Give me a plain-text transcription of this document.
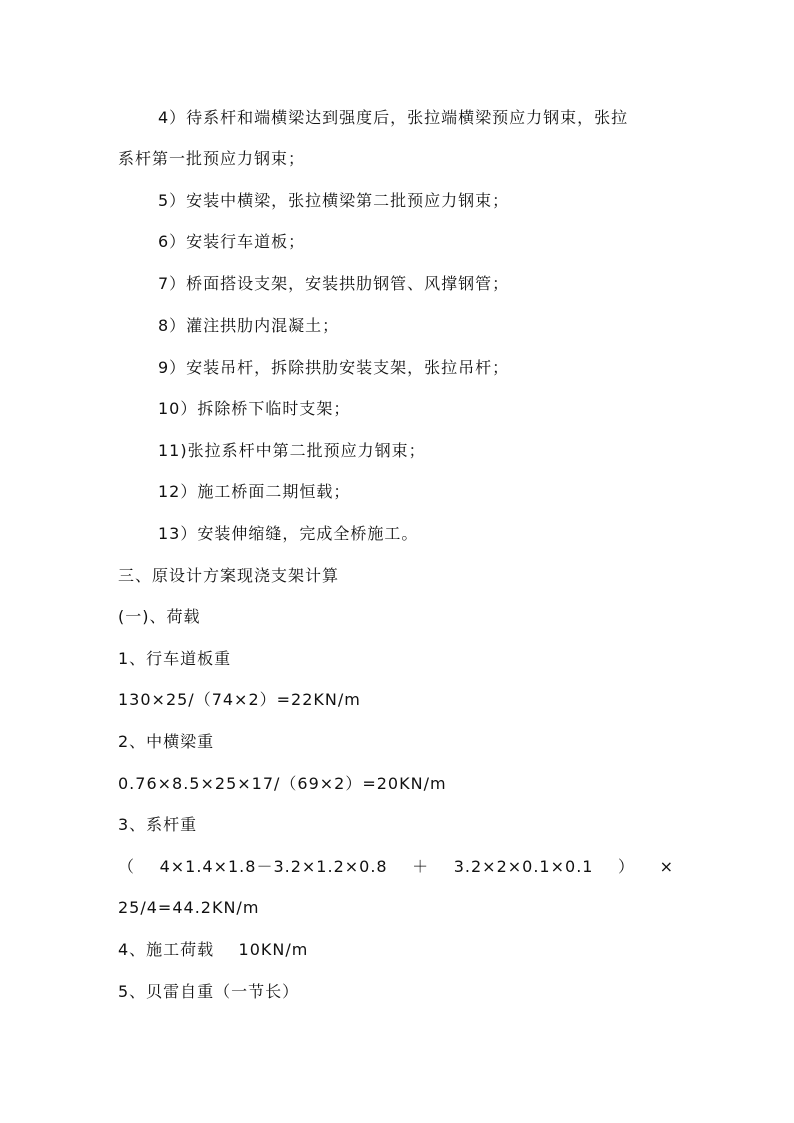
4）待系杆和端横梁达到强度后，张拉端横梁预应力钢束，张拉
系杆第一批预应力钢束；
5）安装中横梁，张拉横梁第二批预应力钢束；
6）安装行车道板；
7）桥面搭设支架，安装拱肋钢管、风撑钢管；
8）灌注拱肋内混凝土；
9）安装吊杆，拆除拱肋安装支架，张拉吊杆；
10）拆除桥下临时支架；
11)张拉系杆中第二批预应力钢束；
12）施工桥面二期恒载；
13）安装伸缩缝，完成全桥施工。
三、原设计方案现浇支架计算
(一)、荷载
1、行车道板重
130×25/（74×2）=22KN/m
2、中横梁重
0.76×8.5×25×17/（69×2）=20KN/m
3、系杆重
（4×1.4×1.8－3.2×1.2×0.8＋3.2×2×0.1×0.1）×
25/4=44.2KN/m
4、施工荷载    10KN/m
5、贝雷自重（一节长）
